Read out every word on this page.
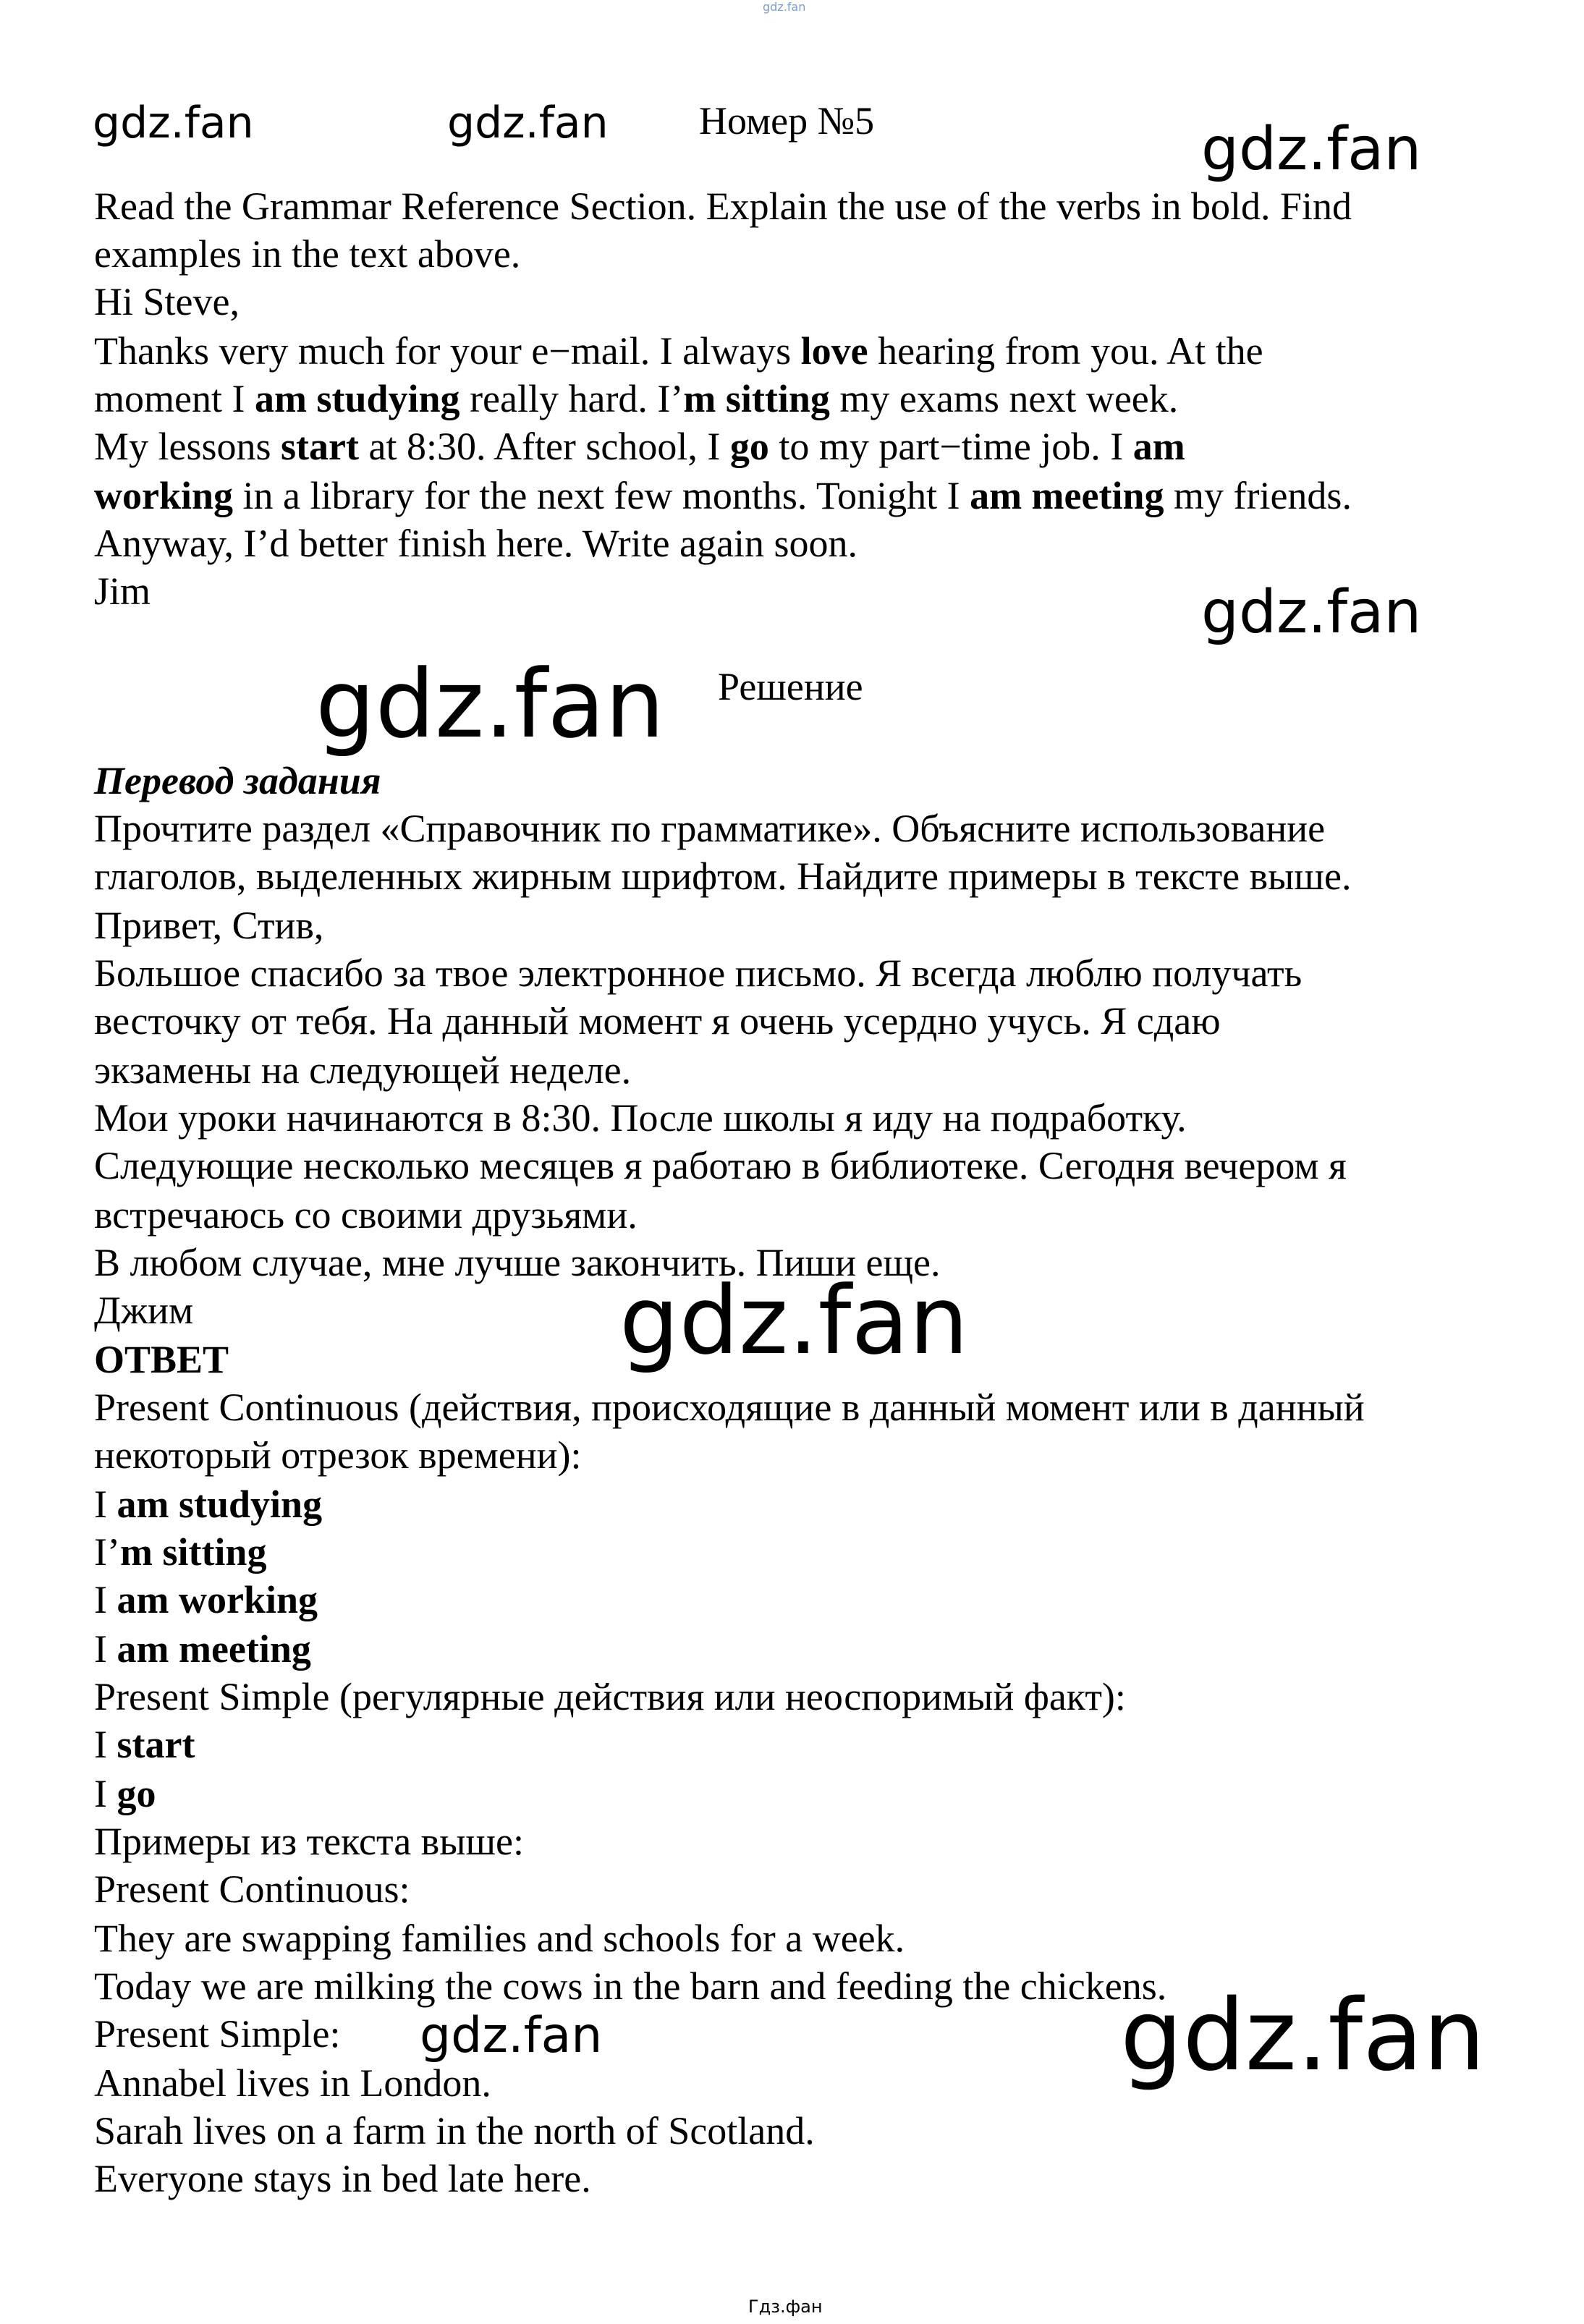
gdz.fan
gdz.fan	gdz.fan Номер №5	gdz.fan
Read the Grammar Reference Section. Explain the use of the verbs in bold. Find
examples in the text above.
Hi Steve,
Thanks very much for your e−mail. I always love hearing from you. At the
moment I am studying really hard. I’m sitting my exams next week.
My lessons start at 8:30. After school, I go to my part−time job. I am
working in a library for the next few months. Tonight I am meeting my friends.
Anyway, I’d better finish here. Write again soon.
Jim	gdz.fan
gdz.fan Решение
Перевод задания
Прочтите раздел «Справочник по грамматике». Объясните использование
глаголов, выделенных жирным шрифтом. Найдите примеры в тексте выше.
Привет, Стив,
Большое спасибо за твое электронное письмо. Я всегда люблю получать
весточку от тебя. На данный момент я очень усердно учусь. Я сдаю
экзамены на следующей неделе.
Мои уроки начинаются в 8:30. После школы я иду на подработку.
Следующие несколько месяцев я работаю в библиотеке. Сегодня вечером я
встречаюсь со своими друзьями.
В любом случае, мне лучше закончить. Пиши еще.
Джим	gdz.fan
ОТВЕТ
Present Continuous (действия, происходящие в данный момент или в данный
некоторый отрезок времени):
I am studying
I’m sitting
I am working
I am meeting
Present Simple (регулярные действия или неоспоримый факт):
I start
I go
Примеры из текста выше:
Present Continuous:
They are swapping families and schools for a week.
Today we are milking the cows in the barn and feeding the chickens.
Present Simple: gdz.fan	gdz.fan
Annabel lives in London.
Sarah lives on a farm in the north of Scotland.
Everyone stays in bed late here.
Гдз.фан
